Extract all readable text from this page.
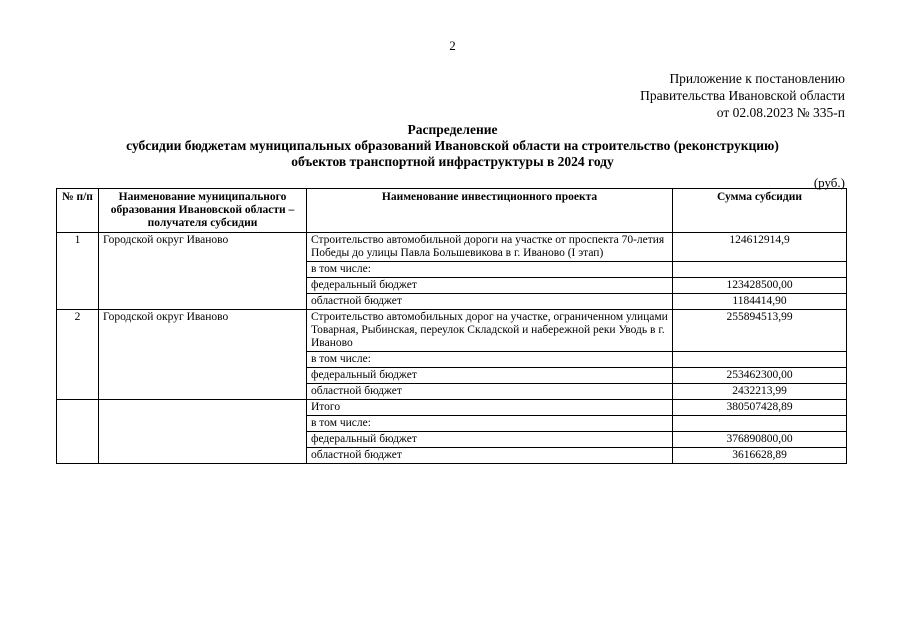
2
Приложение к постановлению
Правительства Ивановской области
от 02.08.2023 № 335-п
Распределение
субсидии бюджетам муниципальных образований Ивановской области на строительство (реконструкцию)
объектов транспортной инфраструктуры в 2024 году
(руб.)
№ п/п	Наименование муниципального образования Ивановской области – получателя субсидии	Наименование инвестиционного проекта	Сумма субсидии
1	Городской округ Иваново	Строительство автомобильной дороги на участке от проспекта 70-летия Победы до улицы Павла Большевикова в г. Иваново (I этап)	124612914,9
		в том числе:	
		федеральный бюджет	123428500,00
		областной бюджет	1184414,90
2	Городской округ Иваново	Строительство автомобильных дорог на участке, ограниченном улицами Товарная, Рыбинская, переулок Складской и набережной реки Уводь в г. Иваново	255894513,99
		в том числе:	
		федеральный бюджет	253462300,00
		областной бюджет	2432213,99
		Итого	380507428,89
		в том числе:	
		федеральный бюджет	376890800,00
		областной бюджет	3616628,89
